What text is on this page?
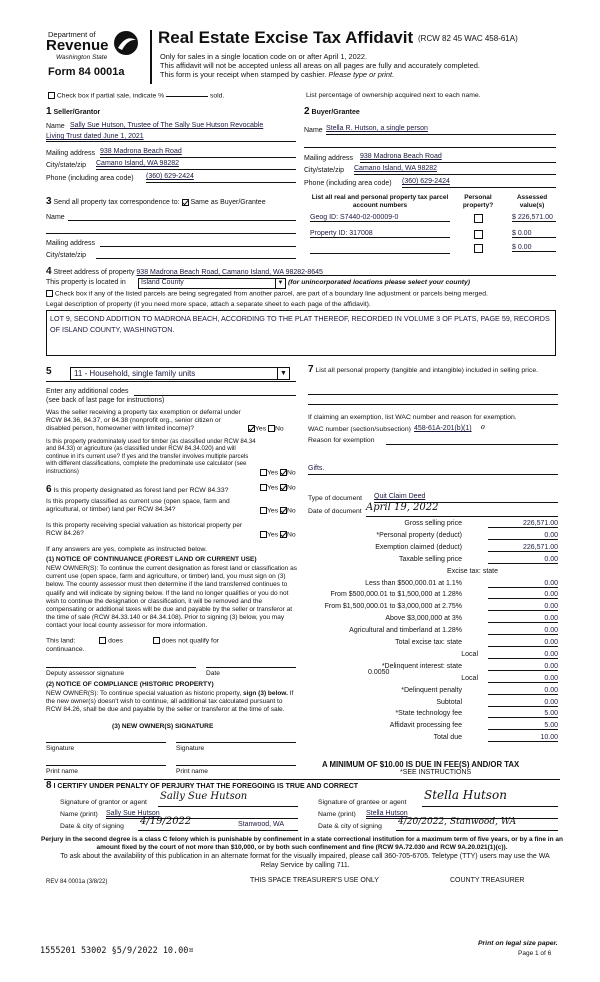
Department of
Revenue
Washington State
Form 84 0001a
Real Estate Excise Tax Affidavit (RCW 82 45 WAC 458-61A)
Only for sales in a single location code on or after April 1, 2022.
This affidavit will not be accepted unless all areas on all pages are fully and accurately completed.
This form is your receipt when stamped by cashier. Please type or print.
Check box if partial sale, indicate %	sold.	List percentage of ownership acquired next to each name.
1 Seller/Grantor
Name Sally Sue Hutson, Trustee of The Sally Sue Hutson Revocable
Living Trust dated June 1, 2021
Mailing address 938 Madrona Beach Road
City/state/zip Camano Island, WA 98282
Phone (including area code) (360) 629-2424
2 Buyer/Grantee
Name Stella R. Hutson, a single person
Mailing address 938 Madrona Beach Road
City/state/zip Camano Island, WA 98282
Phone (including area code) (360) 629-2424
3 Send all property tax correspondence to: Same as Buyer/Grantee
Name
Mailing address
City/state/zip
List all real and personal property tax parcel account numbers
Personal property?
Assessed value(s)
Geog ID: S7440-02-00009-0	$ 226,571.00
Property ID: 317008	$ 0.00
$ 0.00
4 Street address of property 938 Madrona Beach Road, Camano Island, WA 98282-8645
This property is located in Island County	▼ (for unincorporated locations please select your county)
Check box if any of the listed parcels are being segregated from another parcel, are part of a boundary line adjustment or parcels being merged.
Legal description of property (if you need more space, attach a separate sheet to each page of the affidavit).
LOT 9, SECOND ADDITION TO MADRONA BEACH, ACCORDING TO THE PLAT THEREOF, RECORDED IN VOLUME 3 OF PLATS, PAGE 59, RECORDS OF ISLAND COUNTY, WASHINGTON.
5	11 - Household, single family units	▼
Enter any additional codes
(see back of last page for instructions)
Was the seller receiving a property tax exemption or deferral under RCW 84.36, 84.37, or 84.38 (nonprofit org., senior citizen or disabled person, homeowner with limited income)?	Yes No
Is this property predominately used for timber (as classified under RCW 84.34 and 84.33) or agriculture (as classified under RCW 84.34.020) and will continue in it's current use? If yes and the transfer involves multiple parcels with different classifications, complete the predominate use calculator (see instructions)	Yes No
6 Is this property designated as forest land per RCW 84.33?	Yes No
Is this property classified as current use (open space, farm and agricultural, or timber) land per RCW 84.34?	Yes No
Is this property receiving special valuation as historical property per RCW 84.26?	Yes No
If any answers are yes, complete as instructed below.
(1) NOTICE OF CONTINUANCE (FOREST LAND OR CURRENT USE)
NEW OWNER(S): To continue the current designation as forest land or classification as current use (open space, farm and agriculture, or timber) land, you must sign on (3) below. The county assessor must then determine if the land transferred continues to qualify and will indicate by signing below. If the land no longer qualifies or you do not wish to continue the designation or classification, it will be removed and the compensating or additional taxes will be due and payable by the seller or transferor at the time of sale (RCW 84.33.140 or 84.34.108). Prior to signing (3) below, you may contact your local county assessor for more information.
This land:	does	does not qualify for
continuance.
Deputy assessor signature	Date
(2) NOTICE OF COMPLIANCE (HISTORIC PROPERTY)
NEW OWNER(S): To continue special valuation as historic property, sign (3) below. If the new owner(s) doesn't wish to continue, all additional tax calculated pursuant to RCW 84.26, shall be due and payable by the seller or transferor at the time of sale.
(3) NEW OWNER(S) SIGNATURE
Signature	Signature
Print name	Print name
7 List all personal property (tangible and intangible) included in selling price.
If claiming an exemption, list WAC number and reason for exemption.
WAC number (section/subsection) 458-61A-201(b)(1) ℴ
Reason for exemption
Gifts.
Type of document Quit Claim Deed
Date of document April 19, 2022
Gross selling price	226,571.00
*Personal property (deduct)	0.00
Exemption claimed (deduct)	226,571.00
Taxable selling price	0.00
Excise tax: state
Less than $500,000.01 at 1.1%	0.00
From $500,000.01 to $1,500,000 at 1.28%	0.00
From $1,500,000.01 to $3,000,000 at 2.75%	0.00
Above $3,000,000 at 3%	0.00
Agricultural and timberland at 1.28%	0.00
Total excise tax: state	0.00
Local	0.00
*Delinquent interest: state	0.00
Local	0.00
*Delinquent penalty	0.00
Subtotal	0.00
*State technology fee	5.00
Affidavit processing fee	5.00
Total due	10.00
0.0050
A MINIMUM OF $10.00 IS DUE IN FEE(S) AND/OR TAX
*SEE INSTRUCTIONS
8 I CERTIFY UNDER PENALTY OF PERJURY THAT THE FOREGOING IS TRUE AND CORRECT
Signature of grantor or agent
Sally Sue Hutson
Name (print) Sally Sue Hutson
Date & city of signing 4/19/2022	Stanwood, WA
Signature of grantee or agent
Stella Hutson
Name (print) Stella Hutson
Date & city of signing 4/20/2022, Stanwood, WA
Perjury in the second degree is a class C felony which is punishable by confinement in a state correctional institution for a maximum term of five years, or by a fine in an amount fixed by the court of not more than $10,000, or by both such confinement and fine (RCW 9A.72.030 and RCW 9A.20.021(1)(c)).
To ask about the availability of this publication in an alternate format for the visually impaired, please call 360-705-6705. Teletype (TTY) users may use the WA Relay Service by calling 711.
REV 84 0001a (3/8/22)	THIS SPACE TREASURER'S USE ONLY	COUNTY TREASURER
1555201 53002 §5/9/2022 10.00¤
Print on legal size paper.
Page 1 of 6
